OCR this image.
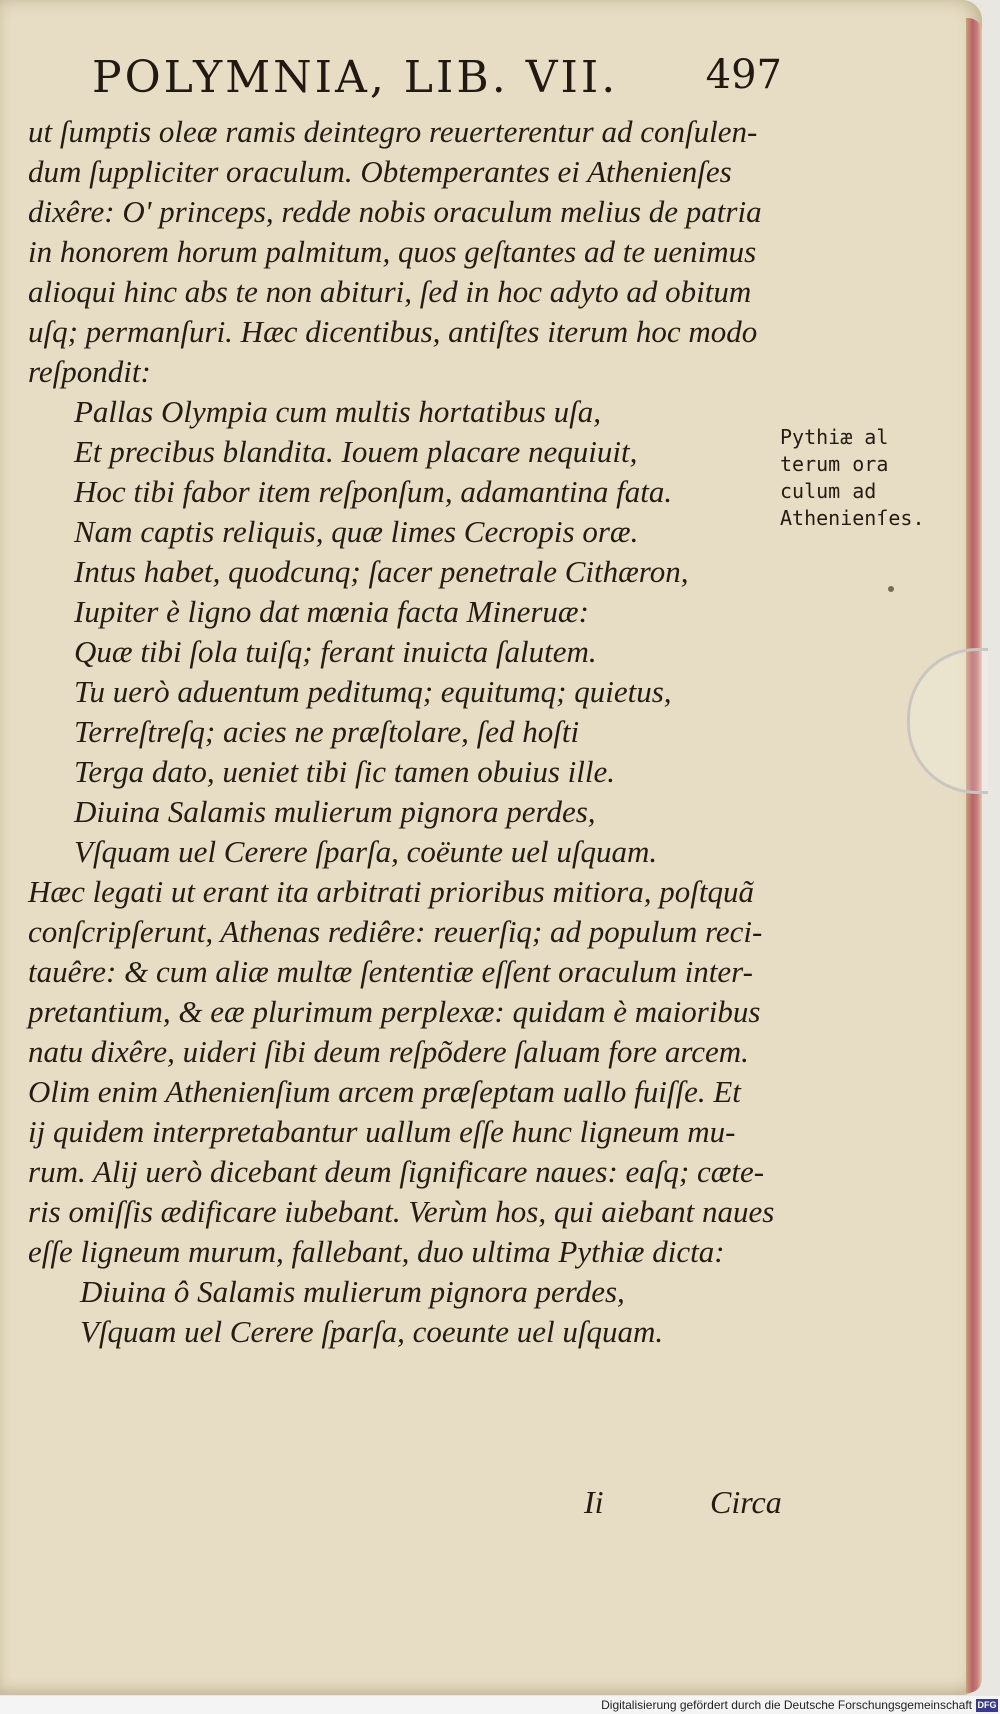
POLYMNIA, LIB. VII. 497
ut ſumptis oleæ ramis deintegro reuerterentur ad conſulen-
dum ſuppliciter oraculum. Obtemperantes ei Athenienſes
dixêre: O' princeps, redde nobis oraculum melius de patria
in honorem horum palmitum, quos geſtantes ad te uenimus
alioqui hinc abs te non abituri, ſed in hoc adyto ad obitum
uſq; permanſuri. Hæc dicentibus, antiſtes iterum hoc modo
reſpondit:
Pallas Olympia cum multis hortatibus uſa,
Et precibus blandita. Iouem placare nequiuit,
Hoc tibi fabor item reſponſum, adamantina fata.
Nam captis reliquis, quæ limes Cecropis oræ.
Intus habet, quodcunq; ſacer penetrale Cithæron,
Iupiter è ligno dat mœnia facta Mineruæ:
Quæ tibi ſola tuiſq; ferant inuicta ſalutem.
Tu uerò aduentum peditumq; equitumq; quietus,
Terreſtreſq; acies ne præſtolare, ſed hoſti
Terga dato, ueniet tibi ſic tamen obuius ille.
Diuina Salamis mulierum pignora perdes,
Vſquam uel Cerere ſparſa, coëunte uel uſquam.
Hæc legati ut erant ita arbitrati prioribus mitiora, poſtquã
conſcripſerunt, Athenas rediêre: reuerſiq; ad populum reci-
tauêre: & cum aliæ multæ ſententiæ eſſent oraculum inter-
pretantium, & eæ plurimum perplexæ: quidam è maioribus
natu dixêre, uideri ſibi deum reſpõdere ſaluam fore arcem.
Olim enim Athenienſium arcem præſeptam uallo fuiſſe. Et
ij quidem interpretabantur uallum eſſe hunc ligneum mu-
rum. Alij uerò dicebant deum ſignificare naues: eaſq; cæte-
ris omiſſis ædificare iubebant. Verùm hos, qui aiebant naues
eſſe ligneum murum, fallebant, duo ultima Pythiæ dicta:
Diuina ô Salamis mulierum pignora perdes,
Vſquam uel Cerere ſparſa, coeunte uel uſquam.
Pythiæ al
terum ora
culum ad
Athenienſes.
Ii	Circa
Digitalisierung gefördert durch die Deutsche Forschungsgemeinschaft DFG
